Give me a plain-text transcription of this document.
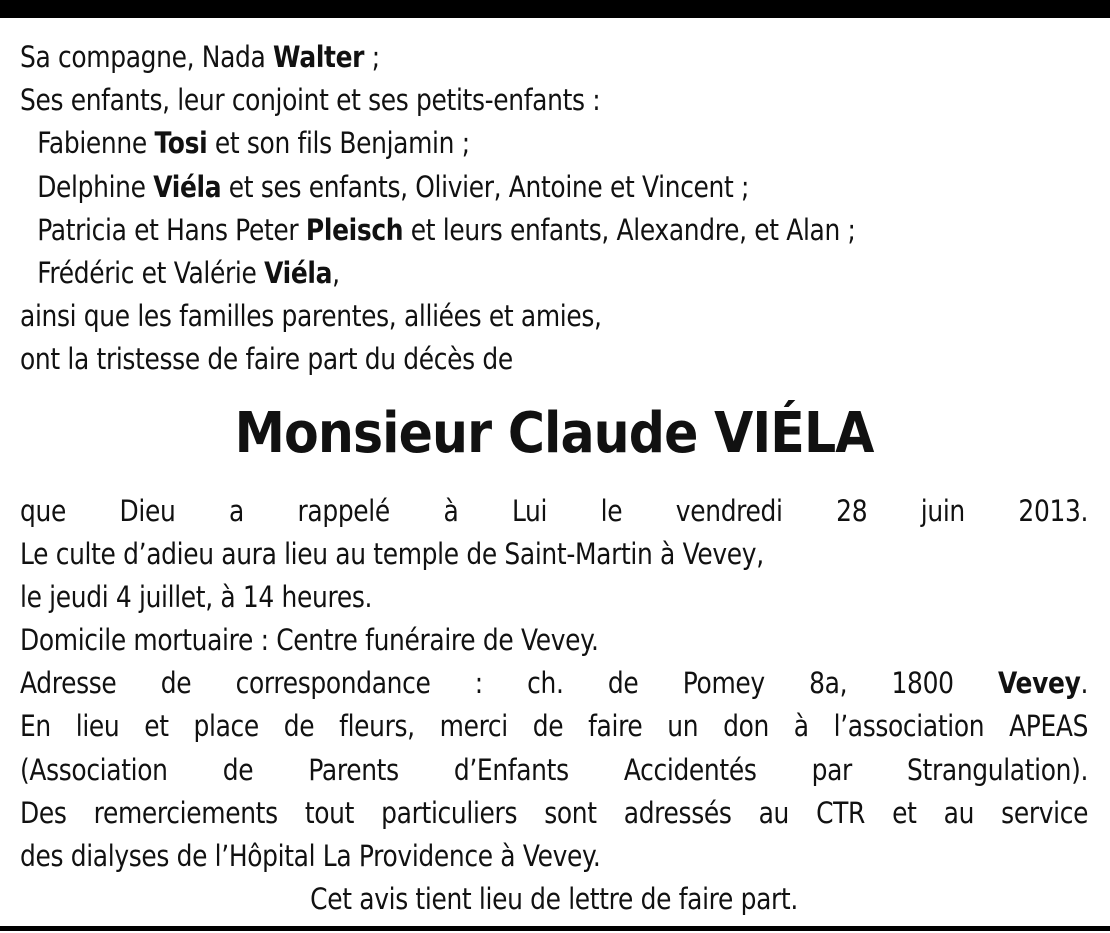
Sa compagne, Nada Walter ;
Ses enfants, leur conjoint et ses petits-enfants :
Fabienne Tosi et son fils Benjamin ;
Delphine Viéla et ses enfants, Olivier, Antoine et Vincent ;
Patricia et Hans Peter Pleisch et leurs enfants, Alexandre, et Alan ;
Frédéric et Valérie Viéla,
ainsi que les familles parentes, alliées et amies,
ont la tristesse de faire part du décès de
Monsieur Claude VIÉLA
que Dieu a rappelé à Lui le vendredi 28 juin 2013.
Le culte d’adieu aura lieu au temple de Saint-Martin à Vevey,
le jeudi 4 juillet, à 14 heures.
Domicile mortuaire : Centre funéraire de Vevey.
Adresse de correspondance : ch. de Pomey 8a, 1800 Vevey.
En lieu et place de fleurs, merci de faire un don à l’association APEAS
(Association de Parents d’Enfants Accidentés par Strangulation).
Des remerciements tout particuliers sont adressés au CTR et au service
des dialyses de l’Hôpital La Providence à Vevey.
Cet avis tient lieu de lettre de faire part.
